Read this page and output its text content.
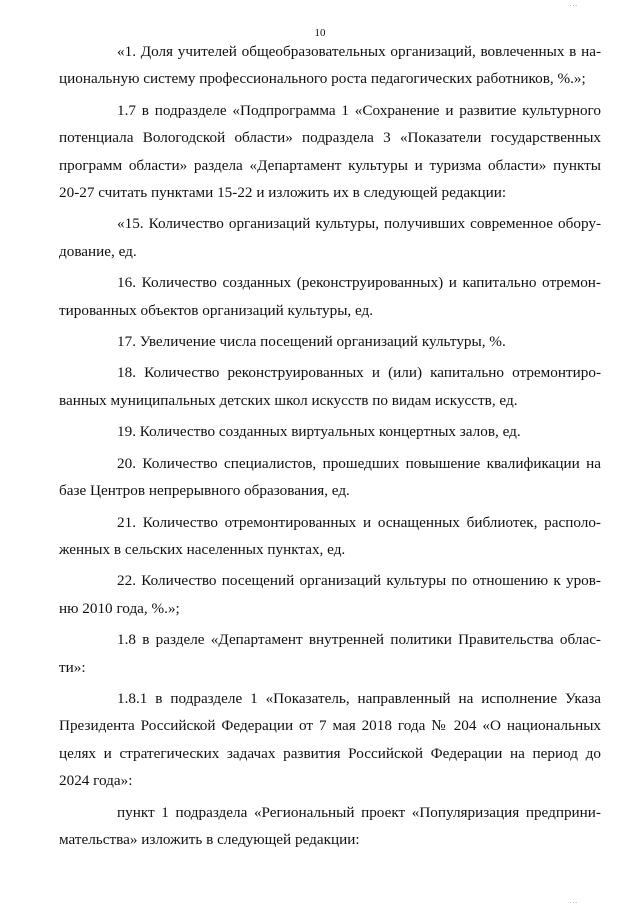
...
10

«1. Доля учителей общеобразовательных организаций, вовлеченных в на-
циональную систему профессионального роста педагогических работников, %.»;

1.7 в подразделе «Подпрограмма 1 «Сохранение и развитие культурного
потенциала Вологодской области» подраздела 3 «Показатели государственных
программ области» раздела «Департамент культуры и туризма области» пункты
20-27 считать пунктами 15-22 и изложить их в следующей редакции:

«15. Количество организаций культуры, получивших современное обору-
дование, ед.

16. Количество созданных (реконструированных) и капитально отремон-
тированных объектов организаций культуры, ед.

17. Увеличение числа посещений организаций культуры, %.

18. Количество реконструированных и (или) капитально отремонтиро-
ванных муниципальных детских школ искусств по видам искусств, ед.

19. Количество созданных виртуальных концертных залов, ед.

20. Количество специалистов, прошедших повышение квалификации на
базе Центров непрерывного образования, ед.

21. Количество отремонтированных и оснащенных библиотек, располо-
женных в сельских населенных пунктах, ед.

22. Количество посещений организаций культуры по отношению к уров-
ню 2010 года, %.»;

1.8 в разделе «Департамент внутренней политики Правительства облас-
ти»:

1.8.1 в подразделе 1 «Показатель, направленный на исполнение Указа
Президента Российской Федерации от 7 мая 2018 года № 204 «О национальных
целях и стратегических задачах развития Российской Федерации на период до
2024 года»:

пункт 1 подраздела «Региональный проект «Популяризация предприни-
мательства» изложить в следующей редакции:

...
